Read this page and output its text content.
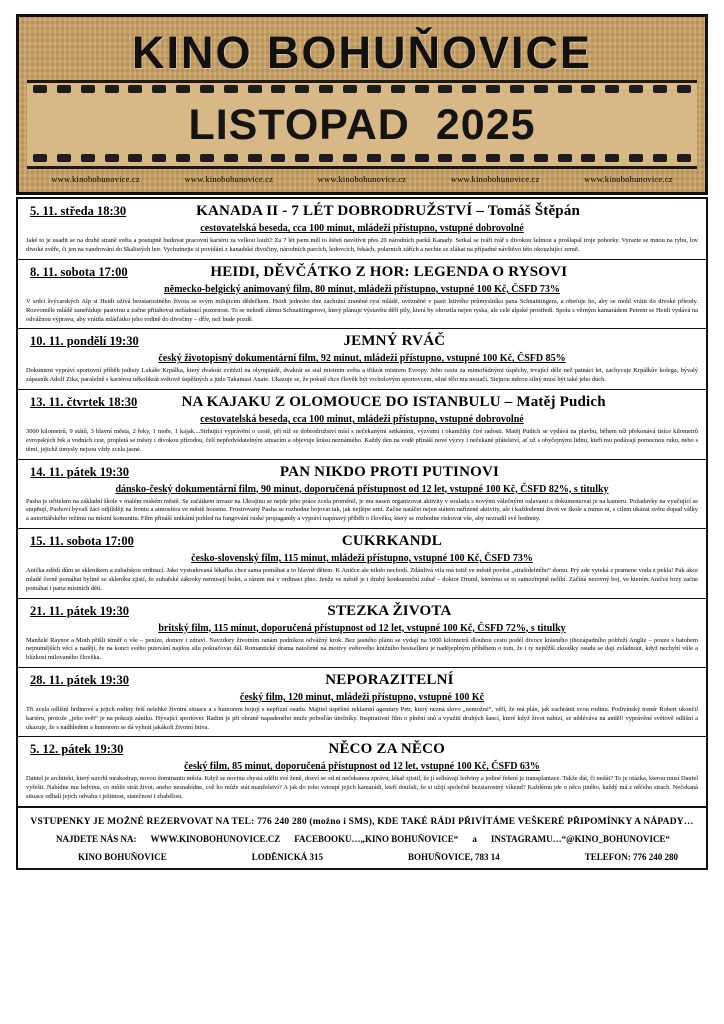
KINO BOHUŇOVICE
LISTOPAD 2025
www.kinobohunovice.cz	www.kinobohunovice.cz	www.kinobohunovice.cz	www.kinobohunovice.cz	www.kinobohunovice.cz
5. 11. středa 18:30	KANADA II - 7 LÉT DOBRODRUŽSTVÍ – Tomáš Štěpán
cestovatelská beseda, cca 100 minut, mládeži přístupno, vstupné dobrovolné
Jaké to je usadit se na druhé straně světa a postupně budovat pracovní kariéru za velkou louží? Za 7 lét jsem měl to štěstí navštívit přes 20 národních parků Kanady. Setkal se tváří tvář s divokou šelmou a prošlapal troje pohorky. Vyrazte se mnou na rybu, lov divoké zvěře, či jen na vandrování do Skalistých hor. Vychutnejte si povídání z kanadské divočiny, národních parcích, ledovcích, řekách, polarních zářích a nechte se zlákat na případné návštěvo této okouzlující země.
8. 11. sobota 17:00	HEIDI, DĚVČÁTKO Z HOR: LEGENDA O RYSOVI
německo-belgický animovaný film, 80 minut, mládeži přístupno, vstupné 100 Kč, ČSFD 73%
V srdci švýcarských Alp si Heidi užívá bezstarostného života se svým milujícím dědečkem. Heidi jednoho dne zachrání zraněné rysí mládě, uvězněné v pasti lstivého průmyslníka pana Schnaittingera, a obeťuje ho, aby se mohl vrátit do divoké přírody. Rozvoměle mládě zaneřáduje pastvinu a začne přitahovat nežádoucí pozornost. To se nehodí zlému Schnaittingerovi, který plánuje výstavbu děří pily, která by ohrozila nejen ryska, ale celé alpské prostředí. Spolu s věrným kamarádem Petrem se Heidi vydává na odvážnou výpravu, aby vrátila mláďátko jeho rodině do divočiny – dřív, než bude pozdě.
10. 11. pondělí 19:30	JEMNÝ RVÁČ
český životopisný dokumentární film, 92 minut, mládeži přístupno, vstupné 100 Kč, ČSFD 85%
Dokument vypráví sportovní příběh judisty Lukáše Krpálka, který dvakrát zvítězil na olympiádě, dvakrát se stal mistrem světa a třikrát mistrem Evropy. Jeho cestu za mimořádnými úspěchy, trvající déle než patnáct let, zachycuje Krpálkův kolega, bývalý zápasník Adolf Zika, paralelně s kariérou několikrát světově úspěšných a judo Takamasi Anaie. Ukazuje se, že pokud chce člověk být vrcholovým sportovcem, silné tělo mu nestačí. Stejnou měrou silný musí být také jeho duch.
13. 11. čtvrtek 18:30	NA KAJAKU Z OLOMOUCE DO ISTANBULU – Matěj Pudich
cestovatelská beseda, cca 100 minut, mládeži přístupno, vstupné dobrovolné
3000 kilometrů, 9 států, 3 hlavní města, 2 řeky, 1 moře, 1 kajak....Strhující vyprávění o cestě, při níž se dobrodružství mísí s nečekanými setkáními, výzvami i okamžiky čiré radosti. Matěj Pudich se vydává na plavbu, během níž překonává tisíce kilometrů evropských řek a vodních cest, propletá se městy i divokou přírodou, čelí nepředvídatelným situacím a objevuje krásu neznámého. Každý den na vodě přináší nové výzvy i nečekané přátelství, ať už s obyčejnými lidmi, kteří mu podávají pomocnou ruku, nebo s těmi, jejichž úmysly nejsou vždy zcela jasné.
14. 11. pátek 19:30	PAN NIKDO PROTI PUTINOVI
dánsko-český dokumentární film, 90 minut, doporučená přístupnost od 12 let, vstupné 100 Kč, ČSFD 82%, s titulky
Pasha je učitelem na základní škole v malém ruském městě. Se začátkem invaze na Ukrajinu se nejde jeho práce zcela proměnil, je mu nasen organizovat aktivity v souladu s novými válečnými oslavami a dokumentovat je na kameru. Požadavky na vyučující se stupňují, Pashovi bývalí žáci odjíždějí na frontu a atmosféra ve městě houstne. Frustrovaný Pasha se rozhodne bojovat tak, jak nejlépe umí. Začne natáčet nejen státem nařízené aktivity, ale i každodenní život ve škole a mimo ni, s cílem ukázat světu dopad války a autoritářského režimu na místní komunitu. Film přináší unikátní pohled na fungování ruské propagandy a vypráví napínavý příběh o člověku, který se rozhodne riskovat vše, aby nezradil své hodnoty.
15. 11. sobota 17:00	CUKRKANDL
česko-slovenský film, 115 minut, mládeži přístupno, vstupné 100 Kč, ČSFD 73%
Anička zdědí dům se sklenikem a zubařskou ordinací. Jako vystudovaná lékařka chce sama pomáhat a to hlavně dětem. K Aničce ale nikdo nechodí. Zdánlivá vila má totiž ve městě pověst „strašidelného“ domu. Prý zde vyteká z pramene voda z pekla! Pak akce mladé černě pomáhat bylině ze skleníku zjistí, že zubařské zákroky nemusejí bolet, a rázem má v ordinaci plno. Jenže ve městě je i druhý konkurenční zubař – doktor Druml, kterému se to samozřejmě nelíbí. Začíná nerovný boj, ve kterém Aničce brzy zaćne pomáhat i parta místních dětí.
21. 11. pátek 19:30	STEZKA ŽIVOTA
britský film, 115 minut, doporučená přístupnost od 12 let, vstupné 100 Kč, ČSFD 72%, s titulky
Manželé Raynor a Moth přišli téměř o vše – peníze, domov i zdraví. Navzdory životním ranám podnikou odvážný krok. Bez jasného plánu se vydají na 1000 kilometrů dlouhou cestu podél divoce krásného jihozápadního pobřeží Anglie – pouze s batohem nejnutnějších věcí a nadějí, že na konci svého putování najdou silu pokračovat dál. Romantické drama natočené na motivy světového knižního bestselleru je nadějeplným příběhem o tom, že i ty nejtěžší zkoušky osudu se dají zvládnout, když nechybí vůle a blízkost milovaného člověka.
28. 11. pátek 19:30	NEPORAZITELNÍ
český film, 120 minut, mládeži přístupno, vstupné 100 Kč
Tři zcela odlišní hrdinové a jejich rodiny řeší nelehké životní situace a s humorem bojují s nepřízní osudu. Majitel úspěšné reklamní agentury Petr, který nezná slovo „nemožné“, věří, že má plán, jak zachránit svou rodinu. Podivínský trenér Robert ukončil kariéru, protože „jeho svět“ je na pokraji zániku. Hývající sportovec Radim je při obraně napadeného muže poboďán útočníky. Inspirativní film o plnění snů a využití druhých šancí, které když život nabízí, se nědéváva na anděl! vyprávěné světově odlišní a ukazuje, že s nadhledem a humorem se dá vyhrát jakákoli životní bitva.
5. 12. pátek 19:30	NĚCO ZA NĚCO
český film, 85 minut, doporučená přístupnost od 12 let, vstupné 100 Kč, ČSFD 63%
Daniel je architekt, který navrhl mrakodrap, novou dominantu města. Když se novinu chystá sdělit své ženě, dozví se od ní nečekanou zprávu, lékař zjistil, že jí selhávají ledviny a jediné řešení je transplantace. Takže dát, či nedát? To je otázka, kterou musí Daniel vyřešit. Nabídne mu ledvinu, co může strát život, anebo nesnabídne, což ho může stát manželství? A jak do toho vstoupí jejich kamarádi, kteří doufali, že si užijí společně bezstarostný víkend? Každému jde o něco jiného, každý má z něčeho strach. Nečekaná situace odhalí jejich odvahu i ješitnost, statečnost i zbabělost.
VSTUPENKY JE MOŽNÉ REZERVOVAT NA TEL: 776 240 280 (možno i SMS), KDE TAKÉ RÁDI PŘIVÍTÁME VEŠKERÉ PŘIPOMÍNKY A NÁPADY…
NAJDETE NÁS NA: WWW.KINOBOHUNOVICE.CZ FACEBOOKU…„KINO BOHUŇOVICE“ a INSTAGRAMU…“@KINO_BOHUNOVICE“
KINO BOHUŇOVICE	LODĚNICKÁ 315	BOHUŇOVICE, 783 14	TELEFON: 776 240 280
